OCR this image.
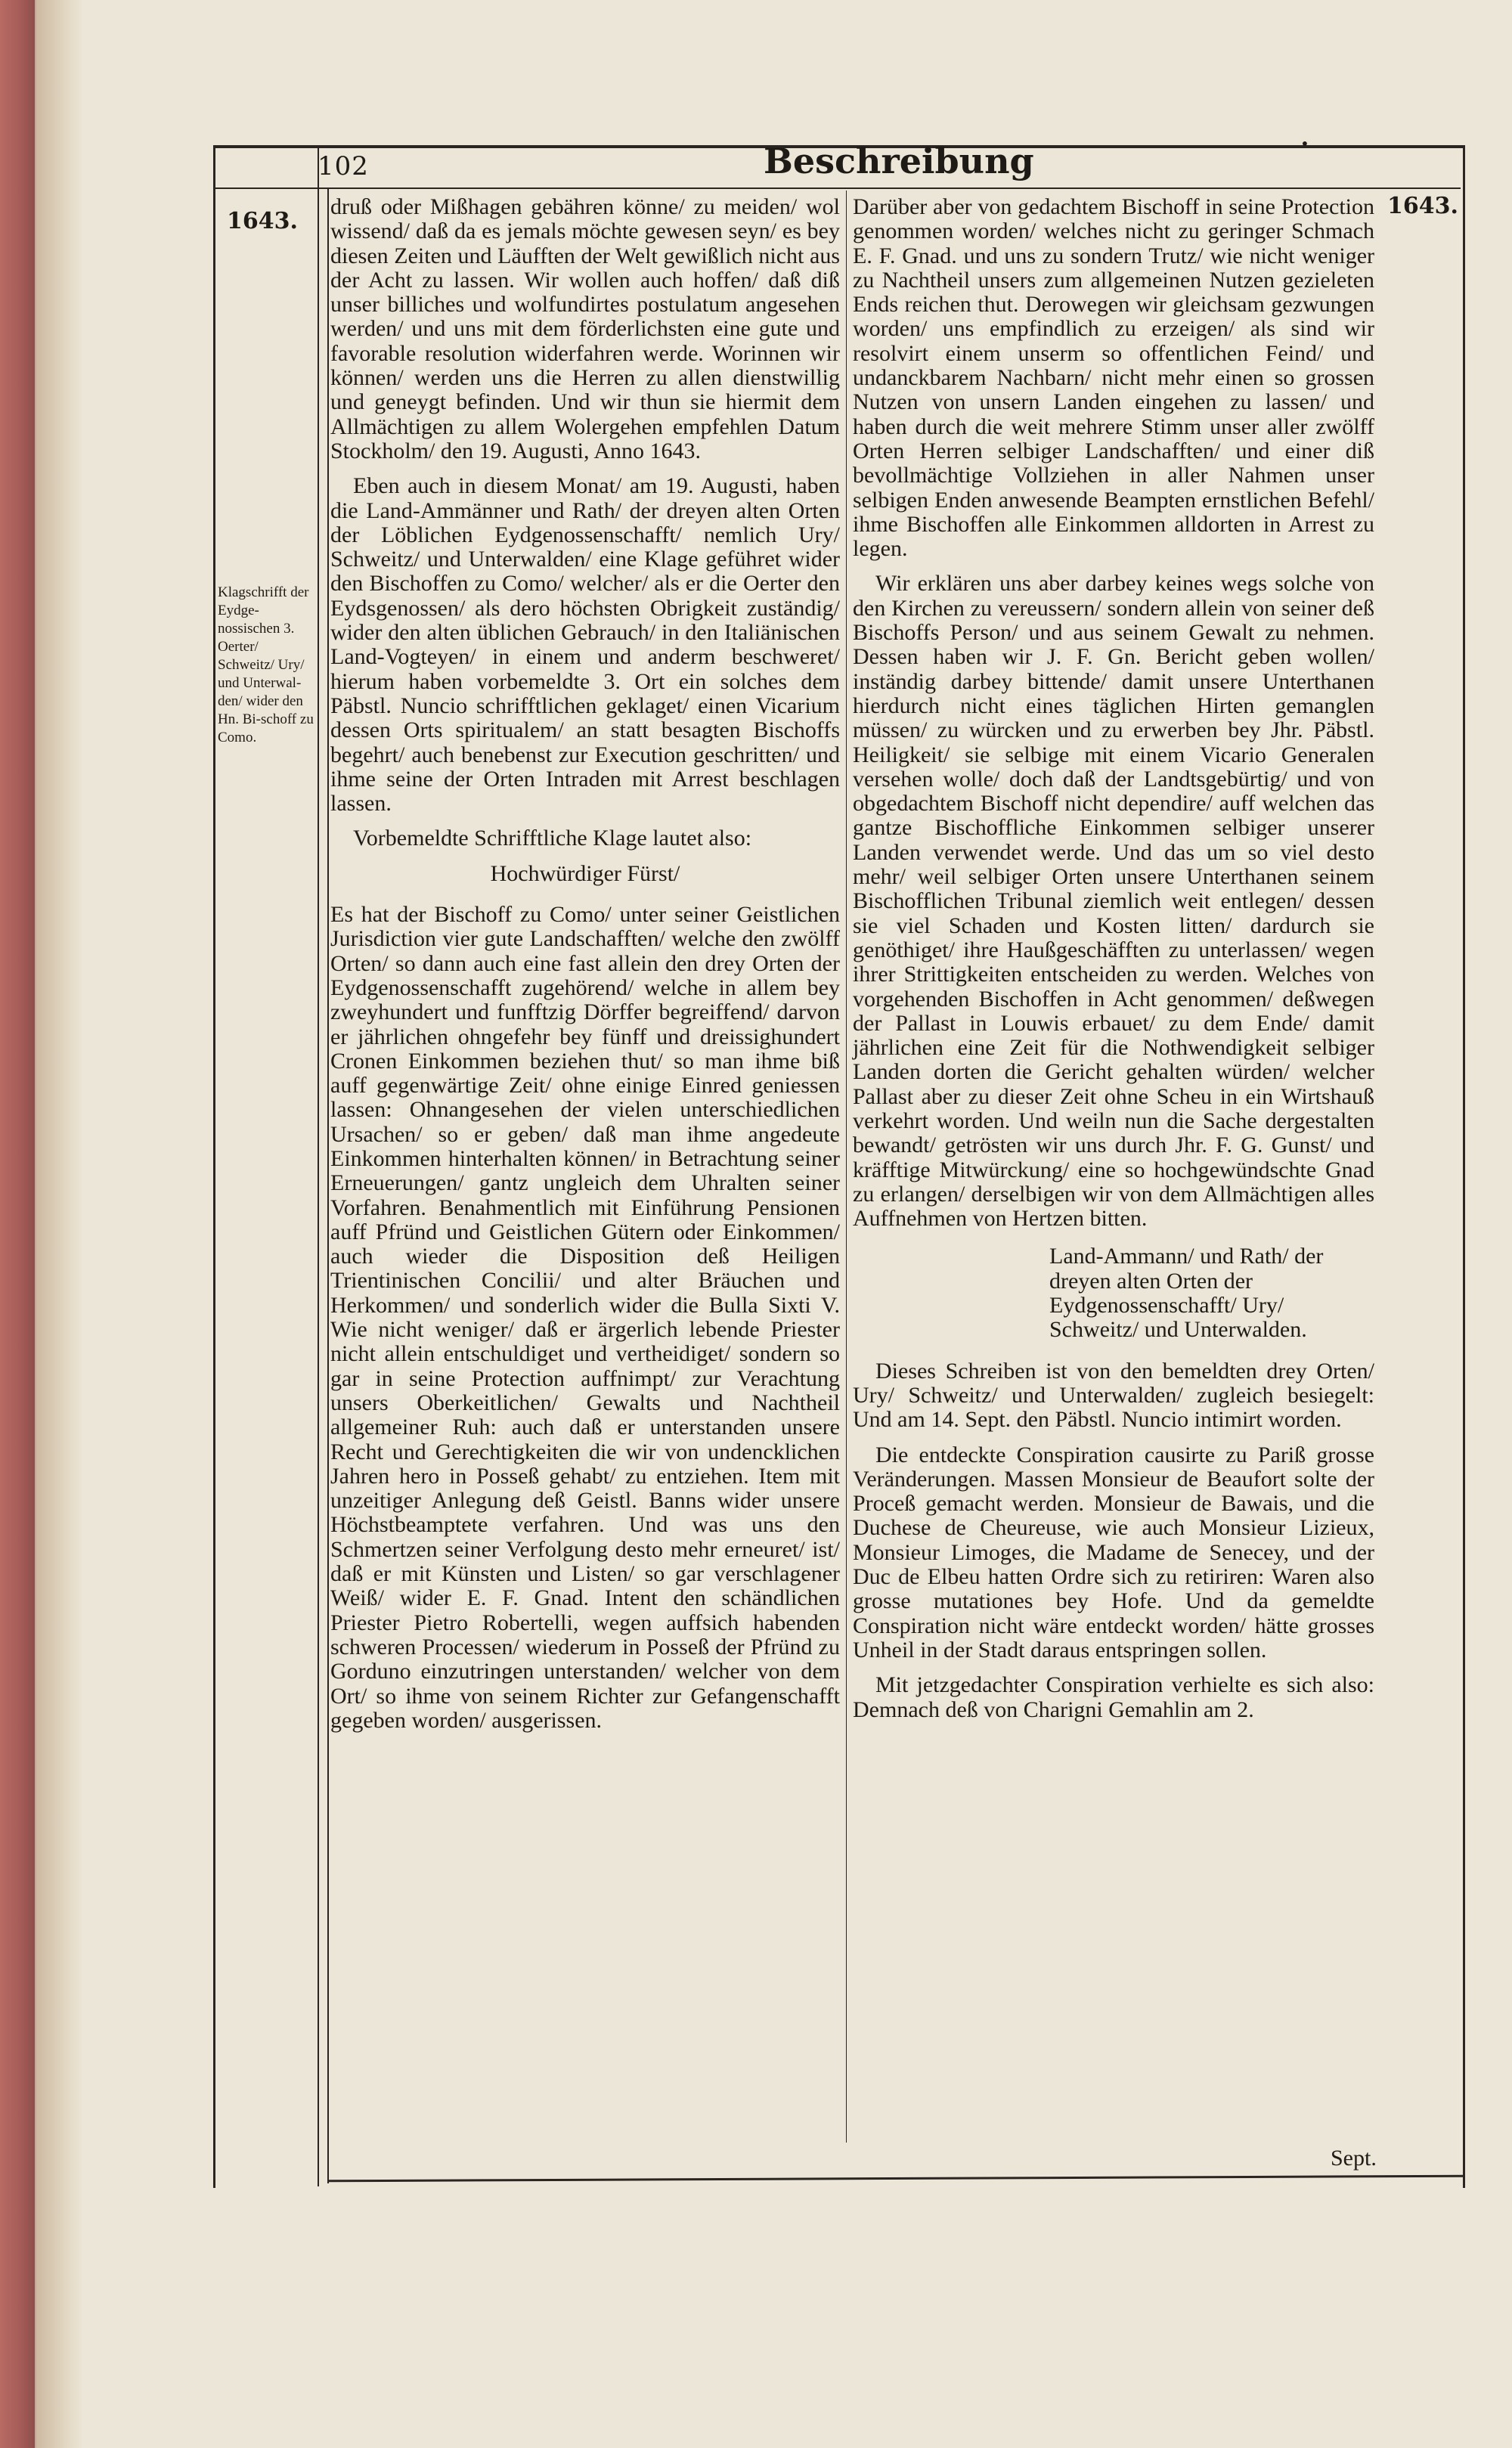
102	Beschreibung	•
1643.
1643.

Klagschrifft der Eydge-nossischen 3. Oerter/ Schweitz/ Ury/ und Unterwal-den/ wider den Hn. Bi-schoff zu Como.

druß oder Mißhagen gebähren könne/ zu meiden/ wol wissend/ daß da es jemals möchte gewesen seyn/ es bey diesen Zeiten und Läufften der Welt gewißlich nicht aus der Acht zu lassen. Wir wollen auch hoffen/ daß diß unser billiches und wolfundirtes postulatum angesehen werden/ und uns mit dem förderlichsten eine gute und favorable resolution widerfahren werde. Worinnen wir können/ werden uns die Herren zu allen dienstwillig und geneygt befinden. Und wir thun sie hiermit dem Allmächtigen zu allem Wolergehen empfehlen Datum Stockholm/ den 19. Augusti, Anno 1643.

Eben auch in diesem Monat/ am 19. Augusti, haben die Land-Ammänner und Rath/ der dreyen alten Orten der Löblichen Eydgenossenschafft/ nemlich Ury/ Schweitz/ und Unterwalden/ eine Klage geführet wider den Bischoffen zu Como/ welcher/ als er die Oerter den Eydsgenossen/ als dero höchsten Obrigkeit zuständig/ wider den alten üblichen Gebrauch/ in den Italiänischen Land-Vogteyen/ in einem und anderm beschweret/ hierum haben vorbemeldte 3. Ort ein solches dem Päbstl. Nuncio schrifftlichen geklaget/ einen Vicarium dessen Orts spiritualem/ an statt besagten Bischoffs begehrt/ auch benebenst zur Execution geschritten/ und ihme seine der Orten Intraden mit Arrest beschlagen lassen.

Vorbemeldte Schrifftliche Klage lautet also:

Hochwürdiger Fürst/

Es hat der Bischoff zu Como/ unter seiner Geistlichen Jurisdiction vier gute Landschafften/ welche den zwölff Orten/ so dann auch eine fast allein den drey Orten der Eydgenossenschafft zugehörend/ welche in allem bey zweyhundert und funfftzig Dörffer begreiffend/ darvon er jährlichen ohngefehr bey fünff und dreissighundert Cronen Einkommen beziehen thut/ so man ihme biß auff gegenwärtige Zeit/ ohne einige Einred geniessen lassen: Ohnangesehen der vielen unterschiedlichen Ursachen/ so er geben/ daß man ihme angedeute Einkommen hinterhalten können/ in Betrachtung seiner Erneuerungen/ gantz ungleich dem Uhralten seiner Vorfahren. Benahmentlich mit Einführung Pensionen auff Pfründ und Geistlichen Gütern oder Einkommen/ auch wieder die Disposition deß Heiligen Trientinischen Concilii/ und alter Bräuchen und Herkommen/ und sonderlich wider die Bulla Sixti V. Wie nicht weniger/ daß er ärgerlich lebende Priester nicht allein entschuldiget und vertheidiget/ sondern so gar in seine Protection auffnimpt/ zur Verachtung unsers Oberkeitlichen/ Gewalts und Nachtheil allgemeiner Ruh: auch daß er unterstanden unsere Recht und Gerechtigkeiten die wir von undencklichen Jahren hero in Posseß gehabt/ zu entziehen. Item mit unzeitiger Anlegung deß Geistl. Banns wider unsere Höchstbeamptete verfahren. Und was uns den Schmertzen seiner Verfolgung desto mehr erneuret/ ist/ daß er mit Künsten und Listen/ so gar verschlagener Weiß/ wider E. F. Gnad. Intent den schändlichen Priester Pietro Robertelli, wegen auffsich habenden schweren Processen/ wiederum in Posseß der Pfründ zu Gorduno einzutringen unterstanden/ welcher von dem Ort/ so ihme von seinem Richter zur Gefangenschafft gegeben worden/ ausgerissen.

Darüber aber von gedachtem Bischoff in seine Protection genommen worden/ welches nicht zu geringer Schmach E. F. Gnad. und uns zu sondern Trutz/ wie nicht weniger zu Nachtheil unsers zum allgemeinen Nutzen gezieleten Ends reichen thut. Derowegen wir gleichsam gezwungen worden/ uns empfindlich zu erzeigen/ als sind wir resolvirt einem unserm so offentlichen Feind/ und undanckbarem Nachbarn/ nicht mehr einen so grossen Nutzen von unsern Landen eingehen zu lassen/ und haben durch die weit mehrere Stimm unser aller zwölff Orten Herren selbiger Landschafften/ und einer diß bevollmächtige Vollziehen in aller Nahmen unser selbigen Enden anwesende Beampten ernstlichen Befehl/ ihme Bischoffen alle Einkommen alldorten in Arrest zu legen.

Wir erklären uns aber darbey keines wegs solche von den Kirchen zu vereussern/ sondern allein von seiner deß Bischoffs Person/ und aus seinem Gewalt zu nehmen. Dessen haben wir J. F. Gn. Bericht geben wollen/ inständig darbey bittende/ damit unsere Unterthanen hierdurch nicht eines täglichen Hirten gemanglen müssen/ zu würcken und zu erwerben bey Jhr. Päbstl. Heiligkeit/ sie selbige mit einem Vicario Generalen versehen wolle/ doch daß der Landtsgebürtig/ und von obgedachtem Bischoff nicht dependire/ auff welchen das gantze Bischoffliche Einkommen selbiger unserer Landen verwendet werde. Und das um so viel desto mehr/ weil selbiger Orten unsere Unterthanen seinem Bischofflichen Tribunal ziemlich weit entlegen/ dessen sie viel Schaden und Kosten litten/ dardurch sie genöthiget/ ihre Haußgeschäfften zu unterlassen/ wegen ihrer Strittigkeiten entscheiden zu werden. Welches von vorgehenden Bischoffen in Acht genommen/ deßwegen der Pallast in Louwis erbauet/ zu dem Ende/ damit jährlichen eine Zeit für die Nothwendigkeit selbiger Landen dorten die Gericht gehalten würden/ welcher Pallast aber zu dieser Zeit ohne Scheu in ein Wirtshauß verkehrt worden. Und weiln nun die Sache dergestalten bewandt/ getrösten wir uns durch Jhr. F. G. Gunst/ und kräfftige Mitwürckung/ eine so hochgewündschte Gnad zu erlangen/ derselbigen wir von dem Allmächtigen alles Auffnehmen von Hertzen bitten.

Land-Ammann/ und Rath/ der dreyen alten Orten der Eydgenossenschafft/ Ury/ Schweitz/ und Unterwalden.

Dieses Schreiben ist von den bemeldten drey Orten/ Ury/ Schweitz/ und Unterwalden/ zugleich besiegelt: Und am 14. Sept. den Päbstl. Nuncio intimirt worden.

Die entdeckte Conspiration causirte zu Pariß grosse Veränderungen. Massen Monsieur de Beaufort solte der Proceß gemacht werden. Monsieur de Bawais, und die Duchese de Cheureuse, wie auch Monsieur Lizieux, Monsieur Limoges, die Madame de Senecey, und der Duc de Elbeu hatten Ordre sich zu retiriren: Waren also grosse mutationes bey Hofe. Und da gemeldte Conspiration nicht wäre entdeckt worden/ hätte grosses Unheil in der Stadt daraus entspringen sollen.

Mit jetzgedachter Conspiration verhielte es sich also: Demnach deß von Charigni Gemahlin am 2.

Sept.
